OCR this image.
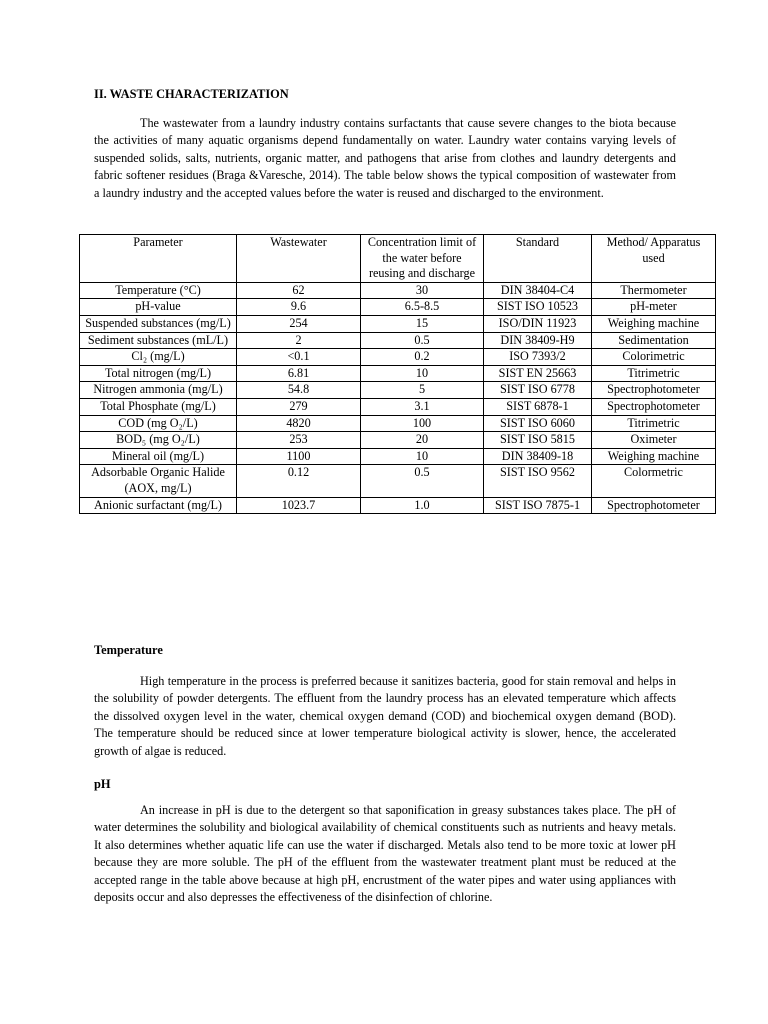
II. WASTE CHARACTERIZATION

The wastewater from a laundry industry contains surfactants that cause severe changes to the biota because the activities of many aquatic organisms depend fundamentally on water. Laundry water contains varying levels of suspended solids, salts, nutrients, organic matter, and pathogens that arise from clothes and laundry detergents and fabric softener residues (Braga &Varesche, 2014). The table below shows the typical composition of wastewater from a laundry industry and the accepted values before the water is reused and discharged to the environment.

Parameter	Wastewater	Concentration limit of the water before reusing and discharge	Standard	Method/ Apparatus used
Temperature (°C)	62	30	DIN 38404-C4	Thermometer
pH-value	9.6	6.5-8.5	SIST ISO 10523	pH-meter
Suspended substances (mg/L)	254	15	ISO/DIN 11923	Weighing machine
Sediment substances (mL/L)	2	0.5	DIN 38409-H9	Sedimentation
Cl₂ (mg/L)	<0.1	0.2	ISO 7393/2	Colorimetric
Total nitrogen (mg/L)	6.81	10	SIST EN 25663	Titrimetric
Nitrogen ammonia (mg/L)	54.8	5	SIST ISO 6778	Spectrophotometer
Total Phosphate (mg/L)	279	3.1	SIST 6878-1	Spectrophotometer
COD (mg O₂/L)	4820	100	SIST ISO 6060	Titrimetric
BOD₅ (mg O₂/L)	253	20	SIST ISO 5815	Oximeter
Mineral oil (mg/L)	1100	10	DIN 38409-18	Weighing machine
Adsorbable Organic Halide (AOX, mg/L)	0.12	0.5	SIST ISO 9562	Colormetric
Anionic surfactant (mg/L)	1023.7	1.0	SIST ISO 7875-1	Spectrophotometer
Temperature

High temperature in the process is preferred because it sanitizes bacteria, good for stain removal and helps in the solubility of powder detergents. The effluent from the laundry process has an elevated temperature which affects the dissolved oxygen level in the water, chemical oxygen demand (COD) and biochemical oxygen demand (BOD). The temperature should be reduced since at lower temperature biological activity is slower, hence, the accelerated growth of algae is reduced.

pH

An increase in pH is due to the detergent so that saponification in greasy substances takes place. The pH of water determines the solubility and biological availability of chemical constituents such as nutrients and heavy metals. It also determines whether aquatic life can use the water if discharged. Metals also tend to be more toxic at lower pH because they are more soluble. The pH of the effluent from the wastewater treatment plant must be reduced at the accepted range in the table above because at high pH, encrustment of the water pipes and water using appliances with deposits occur and also depresses the effectiveness of the disinfection of chlorine.
